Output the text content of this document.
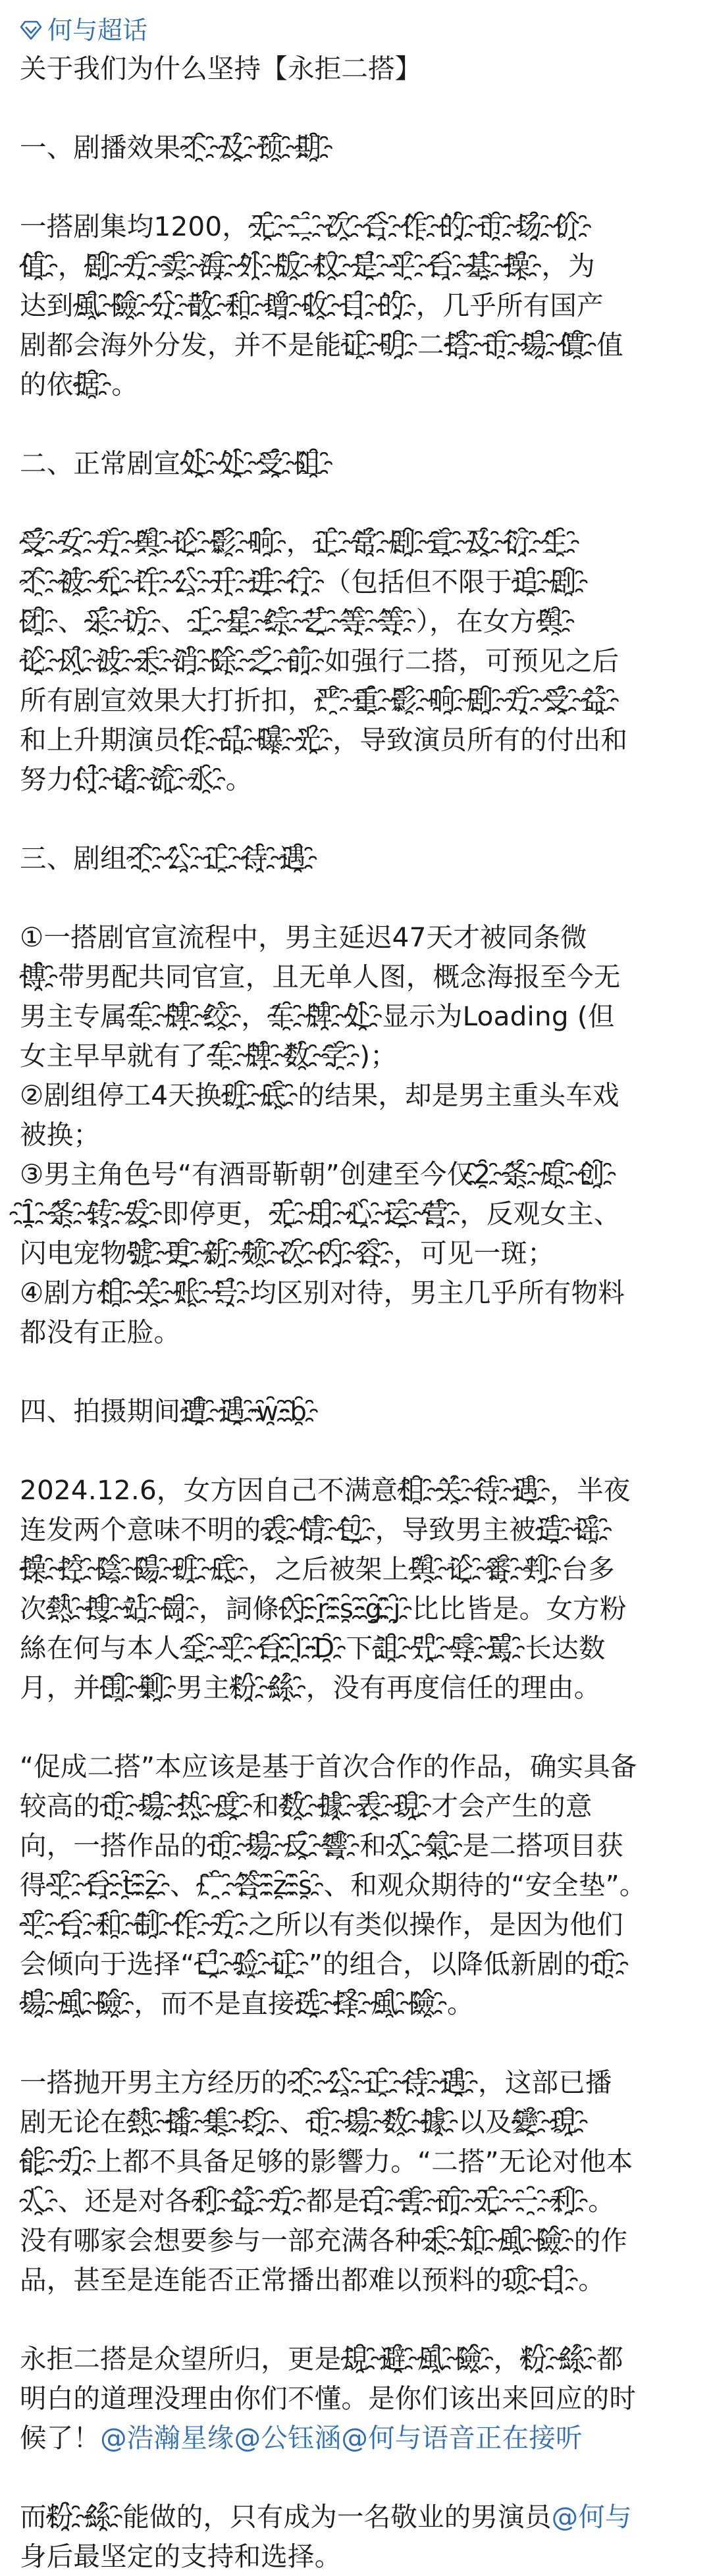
何与超话
关于我们为什么坚持【永拒二搭】
一、剧播效果不҈及҈预҈期҈
一搭剧集均1200，无҈二҈次҈合҈作҈的҈市҈场҈价҈
值҈，剧҈方҈卖҈海҈外҈版҈权҈是҈平҈台҈基҈操҈，为
达到風҈險҈分҈散҈和҈增҈收҈目҈的҈，几乎所有国产
剧都会海外分发，并不是能证҈明҈二搭҈市҈場҈價҈值
的依据҈。
二、正常剧宣处҈处҈受҈阻҈
受҈女҈方҈舆҈论҈影҈响҈，正҈常҈剧҈宣҈及҈衍҈生҈
不҈被҈允҈许҈公҈开҈进҈行҈（包括但不限于追҈剧҈
团҈、采҈访҈、上҈星҈综҈艺҈等҈等҈），在女方舆҈
论҈风҈波҈未҈消҈除҈之҈前҈如强行二搭，可预见之后
所有剧宣效果大打折扣，严҈重҈影҈响҈剧҈方҈受҈益҈
和上升期演员作҈品҈曝҈光҈，导致演员所有的付出和
努力付҈诸҈流҈水҈。
三、剧组不҈公҈正҈待҈遇҈
①一搭剧官宣流程中，男主延迟47天才被同条微
博҈带男配共同官宣，且无单人图，概念海报至今无
男主专属车҈牌҈绞҈，车҈牌҈处҈显示为Loading (但
女主早早就有了车҈牌҈数҈字҈)；
②剧组停工4天换班҈底҈的结果，却是男主重头车戏
被换；
③男主角色号“有酒哥靳朝”创建至今仅2҈条҈原҈创҈
1҈条҈转҈发҈即停更，无҈用҈心҈运҈营҈，反观女主、
闪电宠物號҈更҈新҈频҈次҈内҈容҈，可见一斑；
④剧方相҈关҈账҈号҈均区别对待，男主几乎所有物料
都没有正脸。
四、拍摄期间遭҈遇҈w҈b҈
2024.12.6，女方因自己不满意相҈关҈待҈遇҈，半夜
连发两个意味不明的表҈情҈包҈，导致男主被造҈谣҈
操҈控҈陰҈陽҈班҈底҈，之后被架上舆҈论҈審҈判҈台多
次熱҈搜҈站҈崗҈，詞條內҈r҈s҈g҈j҈比比皆是。女方粉
絲在何与本人全҈平҈台҈I҈D҈下詛҈咒҈辱҈罵҈长达数
月，并围҈剿҈男主粉҈絲҈，没有再度信任的理由。
“促成二搭”本应该是基于首次合作的作品，确实具备
较高的市҈場҈热҈度҈和数҈據҈表҈現҈才会产生的意
向，一搭作品的市҈場҈反҈響҈和人҈氣҈是二搭项目获
得平҈台҈t҈z҈、广҈答҈z҈s҈、和观众期待的“安全垫”。
平҈台҈和҈制҈作҈方҈之所以有类似操作，是因为他们
会倾向于选择“已҈验҈证҈”的组合，以降低新剧的市҈
場҈風҈險҈，而不是直接选҈择҈風҈險҈。
一搭抛开男主方经历的不҈公҈正҈待҈遇҈，这部已播
剧无论在熱҈播҈集҈均҈、市҈場҈数҈據҈以及變҈現҈
能҈力҈上都不具备足够的影響力。“二搭”无论对他本
人҈、还是对各利҈益҈方҈都是百҈害҈而҈无҈一҈利҈。
没有哪家会想要参与一部充满各种未҈知҈風҈險҈的作
品，甚至是连能否正常播出都难以预料的项҈目҈。
永拒二搭是众望所归，更是規҈避҈風҈險҈，粉҈絲҈都
明白的道理没理由你们不懂。是你们该出来回应的时
候了！@浩瀚星缘@公钰涵@何与语音正在接听
而粉҈絲҈能做的，只有成为一名敬业的男演员@何与
身后最坚定的支持和选择。
